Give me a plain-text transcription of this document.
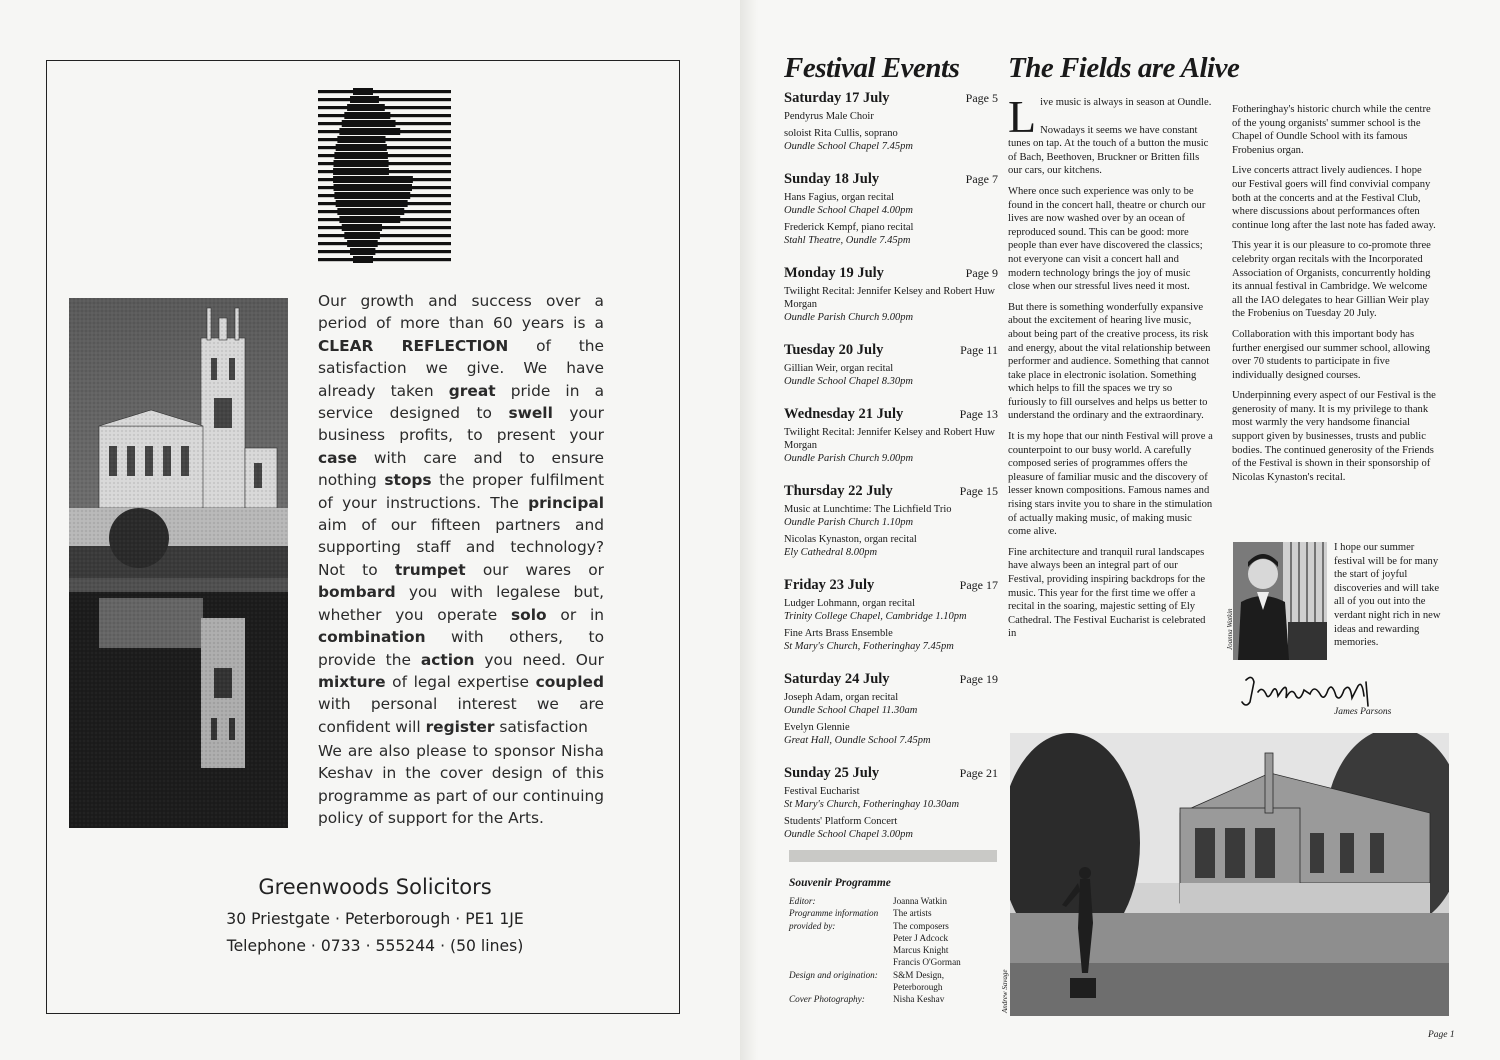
Our growth and success over a period of more than 60 years is a CLEAR REFLECTION of the satisfaction we give. We have already taken great pride in a service designed to swell your business profits, to present your case with care and to ensure nothing stops the proper fulfilment of your instructions. The principal aim of our fifteen partners and supporting staff and technology? Not to trumpet our wares or bombard you with legalese but, whether you operate solo or in combination with others, to provide the action you need. Our mixture of legal expertise coupled with personal interest we are confident will register satisfaction
We are also please to sponsor Nisha Keshav in the cover design of this programme as part of our continuing policy of support for the Arts.
Greenwoods Solicitors
30 Priestgate · Peterborough · PE1 1JE
Telephone · 0733 · 555244 · (50 lines)
Festival Events The Fields are Alive
Saturday 17 July	Page 5
Pendyrus Male Choir
soloist Rita Cullis, soprano
Oundle School Chapel 7.45pm
Sunday 18 July	Page 7
Hans Fagius, organ recital
Oundle School Chapel 4.00pm
Frederick Kempf, piano recital
Stahl Theatre, Oundle 7.45pm
Monday 19 July	Page 9
Twilight Recital: Jennifer Kelsey and Robert Huw Morgan
Oundle Parish Church 9.00pm
Tuesday 20 July	Page 11
Gillian Weir, organ recital
Oundle School Chapel 8.30pm
Wednesday 21 July	Page 13
Twilight Recital: Jennifer Kelsey and Robert Huw Morgan
Oundle Parish Church 9.00pm
Thursday 22 July	Page 15
Music at Lunchtime: The Lichfield Trio
Oundle Parish Church 1.10pm
Nicolas Kynaston, organ recital
Ely Cathedral 8.00pm
Friday 23 July	Page 17
Ludger Lohmann, organ recital
Trinity College Chapel, Cambridge 1.10pm
Fine Arts Brass Ensemble
St Mary's Church, Fotheringhay 7.45pm
Saturday 24 July	Page 19
Joseph Adam, organ recital
Oundle School Chapel 11.30am
Evelyn Glennie
Great Hall, Oundle School 7.45pm
Sunday 25 July	Page 21
Festival Eucharist
St Mary's Church, Fotheringhay 10.30am
Students' Platform Concert
Oundle School Chapel 3.00pm
Souvenir Programme
Editor:	Joanna Watkin
Programme information provided by:
The artists
The composers
Peter J Adcock
Marcus Knight
Francis O'Gorman
Design and origination:	S&M Design,
Peterborough
Cover Photography:	Nisha Keshav

Live music is always in season at Oundle.

Nowadays it seems we have constant tunes on tap. At the touch of a button the music of Bach, Beethoven, Bruckner or Britten fills our cars, our kitchens.

Where once such experience was only to be found in the concert hall, theatre or church our lives are now washed over by an ocean of reproduced sound. This can be good: more people than ever have discovered the classics; not everyone can visit a concert hall and modern technology brings the joy of music close when our stressful lives need it most.

But there is something wonderfully expansive about the excitement of hearing live music, about being part of the creative process, its risk and energy, about the vital relationship between performer and audience. Something that cannot take place in electronic isolation. Something which helps to fill the spaces we try so furiously to fill ourselves and helps us better to understand the ordinary and the extraordinary.

It is my hope that our ninth Festival will prove a counterpoint to our busy world. A carefully composed series of programmes offers the pleasure of familiar music and the discovery of lesser known compositions. Famous names and rising stars invite you to share in the stimulation of actually making music, of making music come alive.

Fine architecture and tranquil rural landscapes have always been an integral part of our Festival, providing inspiring backdrops for the music. This year for the first time we offer a recital in the soaring, majestic setting of Ely Cathedral. The Festival Eucharist is celebrated in

Fotheringhay's historic church while the centre of the young organists' summer school is the Chapel of Oundle School with its famous Frobenius organ.

Live concerts attract lively audiences. I hope our Festival goers will find convivial company both at the concerts and at the Festival Club, where discussions about performances often continue long after the last note has faded away.

This year it is our pleasure to co-promote three celebrity organ recitals with the Incorporated Association of Organists, concurrently holding its annual festival in Cambridge. We welcome all the IAO delegates to hear Gillian Weir play the Frobenius on Tuesday 20 July.

Collaboration with this important body has further energised our summer school, allowing over 70 students to participate in five individually designed courses.

Underpinning every aspect of our Festival is the generosity of many. It is my privilege to thank most warmly the very handsome financial support given by businesses, trusts and public bodies. The continued generosity of the Friends of the Festival is shown in their sponsorship of Nicolas Kynaston's recital.

Joanna Watkin
I hope our summer festival will be for many the start of joyful discoveries and will take all of you out into the verdant night rich in new ideas and rewarding memories.
James Parsons
Andrew Savage
Page 1
